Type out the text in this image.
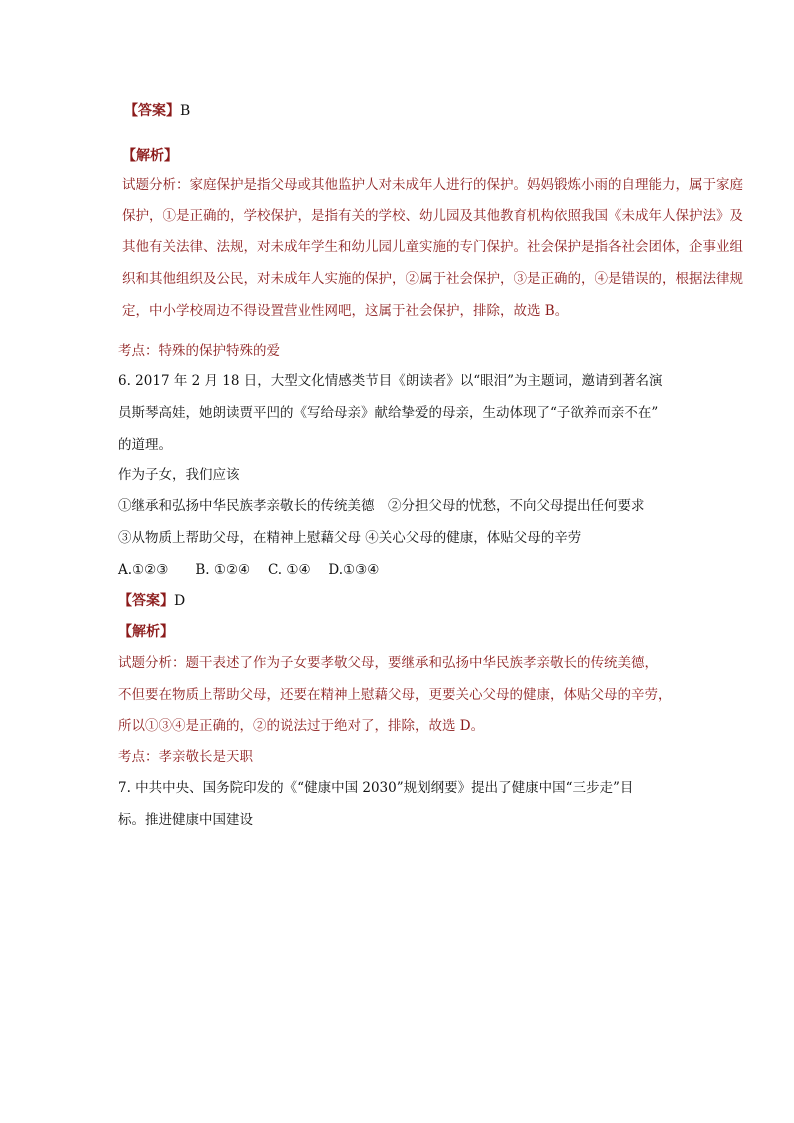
【答案】B
【解析】
试题分析：家庭保护是指父母或其他监护人对未成年人进行的保护。妈妈锻炼小雨的自理能力，属于家庭
保护，①是正确的，学校保护，是指有关的学校、幼儿园及其他教育机构依照我国《未成年人保护法》及
其他有关法律、法规，对未成年学生和幼儿园儿童实施的专门保护。社会保护是指各社会团体，企事业组
织和其他组织及公民，对未成年人实施的保护，②属于社会保护，③是正确的，④是错误的，根据法律规
定，中小学校周边不得设置营业性网吧，这属于社会保护，排除，故选 B。
考点：特殊的保护特殊的爱
6. 2017 年 2 月 18 日，大型文化情感类节目《朗读者》以“眼泪”为主题词，邀请到著名演
员斯琴高娃，她朗读贾平凹的《写给母亲》献给挚爱的母亲，生动体现了“子欲养而亲不在”
的道理。
作为子女，我们应该
①继承和弘扬中华民族孝亲敬长的传统美德　②分担父母的忧愁，不向父母提出任何要求
③从物质上帮助父母，在精神上慰藉父母 ④关心父母的健康，体贴父母的辛劳
A.①②③　　B. ①②④　 C. ①④　 D.①③④
【答案】D
【解析】
试题分析：题干表述了作为子女要孝敬父母，要继承和弘扬中华民族孝亲敬长的传统美德，
不但要在物质上帮助父母，还要在精神上慰藉父母，更要关心父母的健康，体贴父母的辛劳，
所以①③④是正确的，②的说法过于绝对了，排除，故选 D。
考点：孝亲敬长是天职
7. 中共中央、国务院印发的《“健康中国 2030”规划纲要》提出了健康中国“三步走”目
标。推进健康中国建设
